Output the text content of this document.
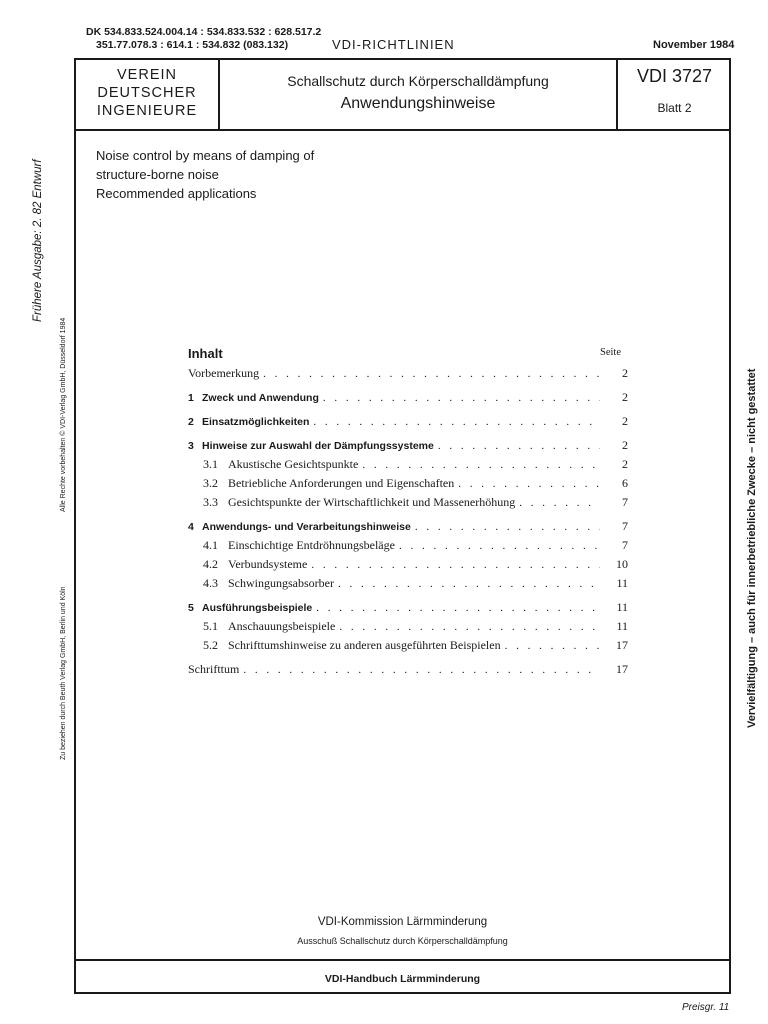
DK 534.833.524.004.14 : 534.833.532 : 628.517.2
351.77.078.3 : 614.1 : 534.832 (083.132)	VDI-RICHTLINIEN	November 1984
Frühere Ausgabe: 2. 82 Entwurf
Alle Rechte vorbehalten © VDI-Verlag GmbH, Düsseldorf 1984
Zu beziehen durch Beuth Verlag GmbH, Berlin und Köln	Vervielfältigung – auch für innerbetriebliche Zwecke – nicht gestattet
VEREIN
DEUTSCHER
INGENIEURE
Schallschutz durch Körperschalldämpfung
Anwendungshinweise
VDI 3727
Blatt 2
Noise control by means of damping of
structure-borne noise
Recommended applications
VDI-Kommission Lärmminderung
Ausschuß Schallschutz durch Körperschalldämpfung
VDI-Handbuch Lärmminderung
Inhalt	Seite
Vorbemerkung . . .	2
1 Zweck und Anwendung . . .	2
2 Einsatzmöglichkeiten . . .	2
3 Hinweise zur Auswahl der Dämpfungssysteme . . .	2
3.1 Akustische Gesichtspunkte . . .	2
3.2 Betriebliche Anforderungen und Eigenschaften . . .	6
3.3 Gesichtspunkte der Wirtschaftlichkeit und Massenerhöhung . . .	7
4 Anwendungs- und Verarbeitungshinweise . . .	7
4.1 Einschichtige Entdröhnungsbeläge . . .	7
4.2 Verbundsysteme . . .	10
4.3 Schwingungsabsorber . . .	11
5 Ausführungsbeispiele . . .	11
5.1 Anschauungsbeispiele . . .	11
5.2 Schrifttumshinweise zu anderen ausgeführten Beispielen . . .	17
Schrifttum . . .	17
Preisgr. 11
